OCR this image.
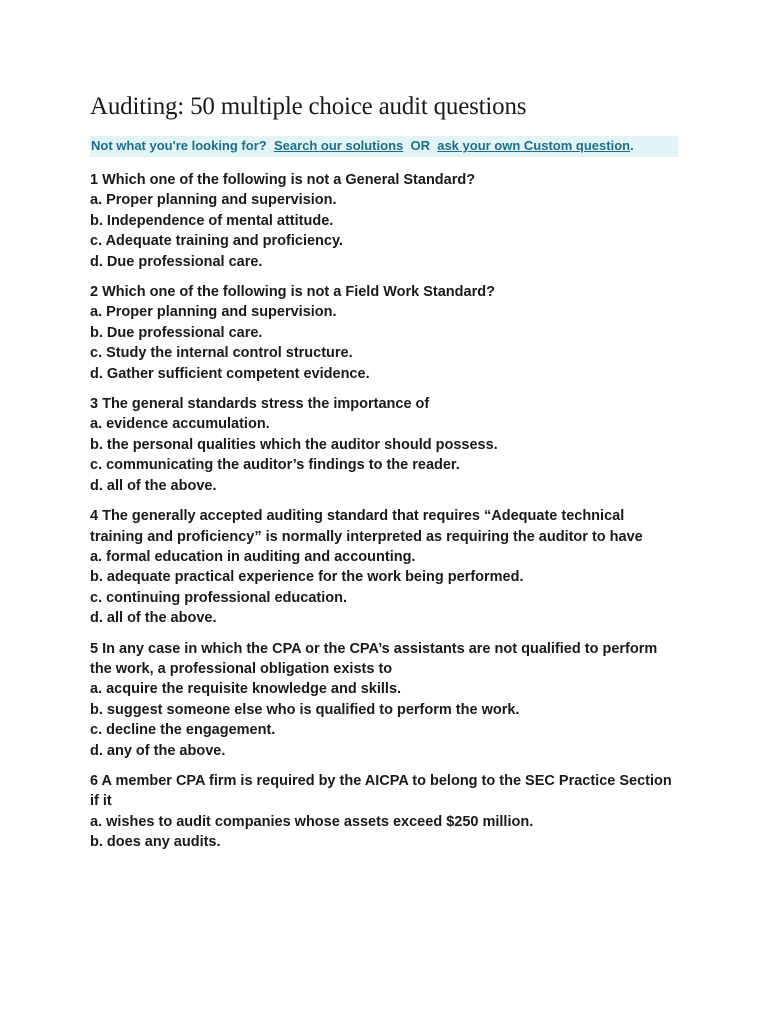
Auditing: 50 multiple choice audit questions
Not what you're looking for? Search our solutions OR ask your own Custom question.
1 Which one of the following is not a General Standard?
a. Proper planning and supervision.
b. Independence of mental attitude.
c. Adequate training and proficiency.
d. Due professional care.
2 Which one of the following is not a Field Work Standard?
a. Proper planning and supervision.
b. Due professional care.
c. Study the internal control structure.
d. Gather sufficient competent evidence.
3 The general standards stress the importance of
a. evidence accumulation.
b. the personal qualities which the auditor should possess.
c. communicating the auditor’s findings to the reader.
d. all of the above.
4 The generally accepted auditing standard that requires “Adequate technical training and proficiency” is normally interpreted as requiring the auditor to have
a. formal education in auditing and accounting.
b. adequate practical experience for the work being performed.
c. continuing professional education.
d. all of the above.
5 In any case in which the CPA or the CPA’s assistants are not qualified to perform the work, a professional obligation exists to
a. acquire the requisite knowledge and skills.
b. suggest someone else who is qualified to perform the work.
c. decline the engagement.
d. any of the above.
6 A member CPA firm is required by the AICPA to belong to the SEC Practice Section if it
a. wishes to audit companies whose assets exceed $250 million.
b. does any audits.
